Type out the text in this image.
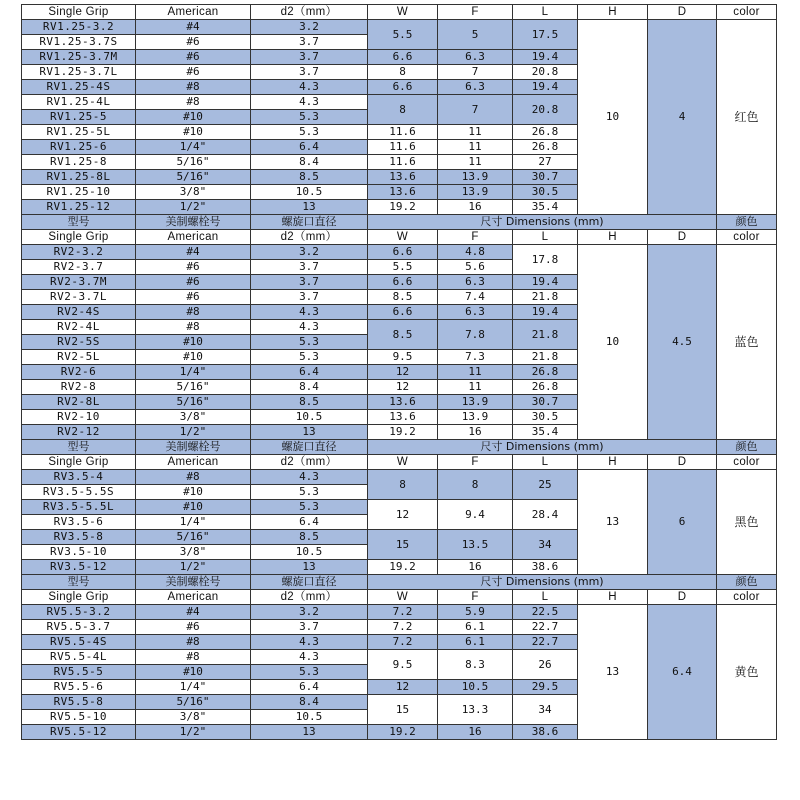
Single Grip	American	d2（mm）	W	F	L	H	D	color
RV1.25-3.2	#4	3.2	5.5	5	17.5	10	4	红色
RV1.25-3.7S	#6	3.7						
RV1.25-3.7M	#6	3.7	6.6	6.3	19.4			
RV1.25-3.7L	#6	3.7	8	7	20.8			
RV1.25-4S	#8	4.3	6.6	6.3	19.4			
RV1.25-4L	#8	4.3	8	7	20.8			
RV1.25-5	#10	5.3						
RV1.25-5L	#10	5.3	11.6	11	26.8			
RV1.25-6	1/4"	6.4	11.6	11	26.8			
RV1.25-8	5/16"	8.4	11.6	11	27			
RV1.25-8L	5/16"	8.5	13.6	13.9	30.7			
RV1.25-10	3/8"	10.5	13.6	13.9	30.5			
RV1.25-12	1/2"	13	19.2	16	35.4			
型号	美制螺栓号	螺旋口直径	尺寸 Dimensions (mm)					颜色
Single Grip	American	d2（mm）	W	F	L	H	D	color
RV2-3.2	#4	3.2	6.6	4.8	17.8	10	4.5	蓝色
RV2-3.7	#6	3.7	5.5	5.6				
RV2-3.7M	#6	3.7	6.6	6.3	19.4			
RV2-3.7L	#6	3.7	8.5	7.4	21.8			
RV2-4S	#8	4.3	6.6	6.3	19.4			
RV2-4L	#8	4.3	8.5	7.8	21.8			
RV2-5S	#10	5.3						
RV2-5L	#10	5.3	9.5	7.3	21.8			
RV2-6	1/4"	6.4	12	11	26.8			
RV2-8	5/16"	8.4	12	11	26.8			
RV2-8L	5/16"	8.5	13.6	13.9	30.7			
RV2-10	3/8"	10.5	13.6	13.9	30.5			
RV2-12	1/2"	13	19.2	16	35.4			
型号	美制螺栓号	螺旋口直径	尺寸 Dimensions (mm)					颜色
Single Grip	American	d2（mm）	W	F	L	H	D	color
RV3.5-4	#8	4.3	8	8	25	13	6	黑色
RV3.5-5.5S	#10	5.3						
RV3.5-5.5L	#10	5.3	12	9.4	28.4			
RV3.5-6	1/4"	6.4						
RV3.5-8	5/16"	8.5	15	13.5	34			
RV3.5-10	3/8"	10.5						
RV3.5-12	1/2"	13	19.2	16	38.6			
型号	美制螺栓号	螺旋口直径	尺寸 Dimensions (mm)					颜色
Single Grip	American	d2（mm）	W	F	L	H	D	color
RV5.5-3.2	#4	3.2	7.2	5.9	22.5	13	6.4	黄色
RV5.5-3.7	#6	3.7	7.2	6.1	22.7			
RV5.5-4S	#8	4.3	7.2	6.1	22.7			
RV5.5-4L	#8	4.3	9.5	8.3	26			
RV5.5-5	#10	5.3						
RV5.5-6	1/4"	6.4	12	10.5	29.5			
RV5.5-8	5/16"	8.4	15	13.3	34			
RV5.5-10	3/8"	10.5						
RV5.5-12	1/2"	13	19.2	16	38.6			
